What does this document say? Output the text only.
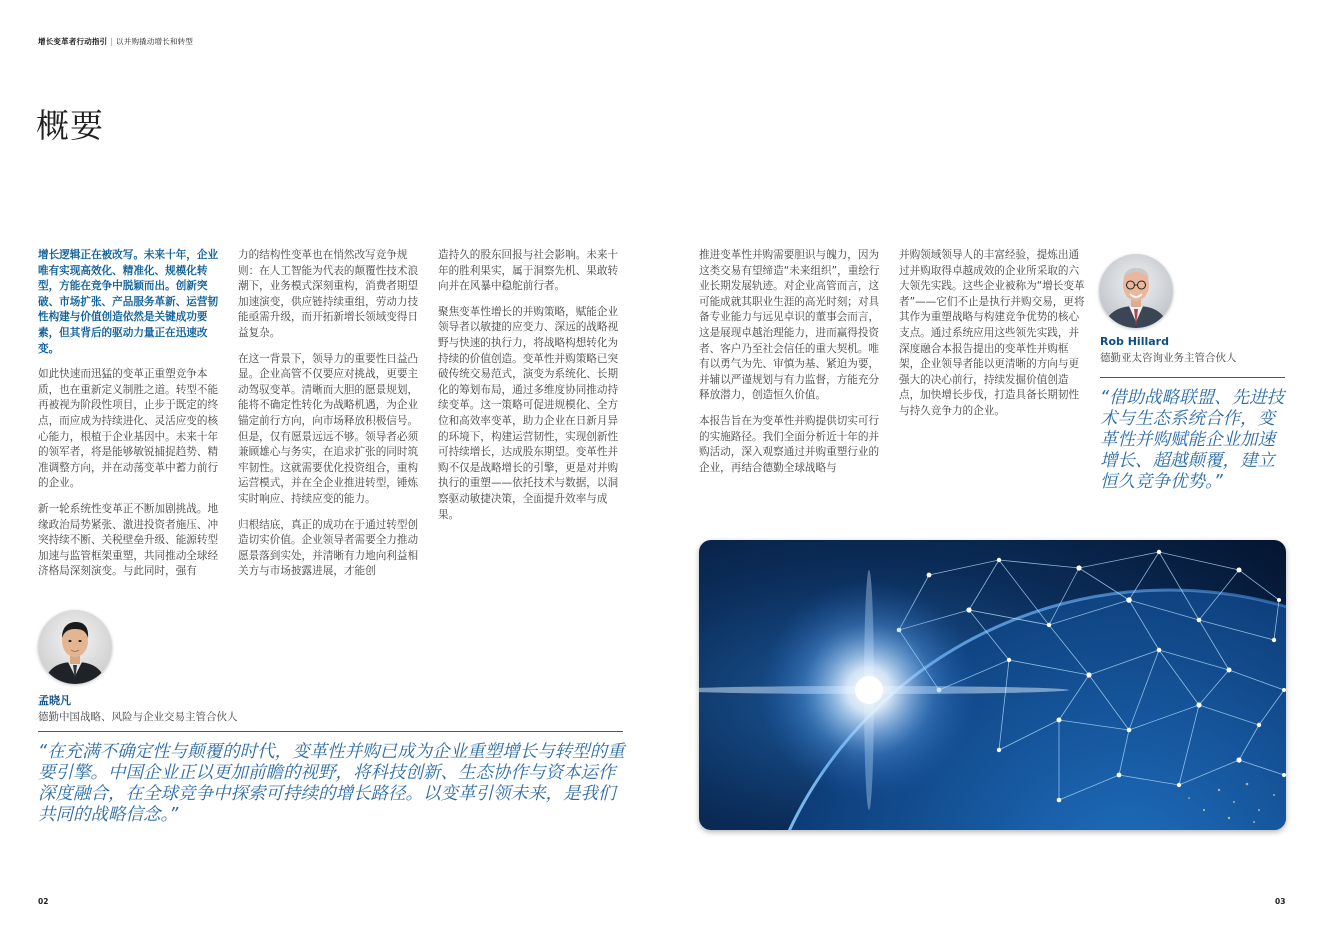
增长变革者行动指引 | 以并购撬动增长和转型
概要

增长逻辑正在被改写。未来十年，企业唯有实现高效化、精准化、规模化转型，方能在竞争中脱颖而出。创新突破、市场扩张、产品服务革新、运营韧性构建与价值创造依然是关键成功要素，但其背后的驱动力量正在迅速改变。

如此快速而迅猛的变革正重塑竞争本质，也在重新定义制胜之道。转型不能再被视为阶段性项目，止步于既定的终点，而应成为持续进化、灵活应变的核心能力，根植于企业基因中。未来十年的领军者，将是能够敏锐捕捉趋势、精准调整方向，并在动荡变革中蓄力前行的企业。

新一轮系统性变革正不断加剧挑战。地缘政治局势紧张、激进投资者施压、冲突持续不断、关税壁垒升级、能源转型加速与监管框架重塑，共同推动全球经济格局深刻演变。与此同时，强有

力的结构性变革也在悄然改写竞争规则：在人工智能为代表的颠覆性技术浪潮下，业务模式深刻重构，消费者期望加速演变，供应链持续重组，劳动力技能亟需升级，而开拓新增长领域变得日益复杂。

在这一背景下，领导力的重要性日益凸显。企业高管不仅要应对挑战，更要主动驾驭变革。清晰而大胆的愿景规划，能将不确定性转化为战略机遇，为企业锚定前行方向，向市场释放积极信号。但是，仅有愿景远远不够。领导者必须兼顾雄心与务实，在追求扩张的同时筑牢韧性。这就需要优化投资组合，重构运营模式，并在全企业推进转型，锤炼实时响应、持续应变的能力。

归根结底，真正的成功在于通过转型创造切实价值。企业领导者需要全力推动愿景落到实处，并清晰有力地向利益相关方与市场披露进展，才能创

造持久的股东回报与社会影响。未来十年的胜利果实，属于洞察先机、果敢转向并在风暴中稳舵前行者。

聚焦变革性增长的并购策略，赋能企业领导者以敏捷的应变力、深远的战略视野与快速的执行力，将战略构想转化为持续的价值创造。变革性并购策略已突破传统交易范式，演变为系统化、长期化的筹划布局，通过多维度协同推动持续变革。这一策略可促进规模化、全方位和高效率变革，助力企业在日新月异的环境下，构建运营韧性，实现创新性可持续增长，达成股东期望。变革性并购不仅是战略增长的引擎，更是对并购执行的重塑——依托技术与数据，以洞察驱动敏捷决策，全面提升效率与成果。

推进变革性并购需要胆识与魄力，因为这类交易有望缔造“未来组织”，重绘行业长期发展轨迹。对企业高管而言，这可能成就其职业生涯的高光时刻；对具备专业能力与远见卓识的董事会而言，这是展现卓越治理能力，进而赢得投资者、客户乃至社会信任的重大契机。唯有以勇气为先、审慎为基、紧迫为要，并辅以严谨规划与有力监督，方能充分释放潜力，创造恒久价值。

本报告旨在为变革性并购提供切实可行的实施路径。我们全面分析近十年的并购活动，深入观察通过并购重塑行业的企业，再结合德勤全球战略与

并购领域领导人的丰富经验，提炼出通过并购取得卓越成效的企业所采取的六大领先实践。这些企业被称为“增长变革者”——它们不止是执行并购交易，更将其作为重塑战略与构建竞争优势的核心支点。通过系统应用这些领先实践，并深度融合本报告提出的变革性并购框架，企业领导者能以更清晰的方向与更强大的决心前行，持续发掘价值创造点，加快增长步伐，打造具备长期韧性与持久竞争力的企业。

孟晓凡
德勤中国战略、风险与企业交易主管合伙人
“在充满不确定性与颠覆的时代，变革性并购已成为企业重塑增长与转型的重要引擎。中国企业正以更加前瞻的视野，将科技创新、生态协作与资本运作深度融合，在全球竞争中探索可持续的增长路径。以变革引领未来，是我们共同的战略信念。”
Rob Hillard
德勤亚太咨询业务主管合伙人
“借助战略联盟、先进技术与生态系统合作，变革性并购赋能企业加速增长、超越颠覆，建立恒久竞争优势。”
02	03
